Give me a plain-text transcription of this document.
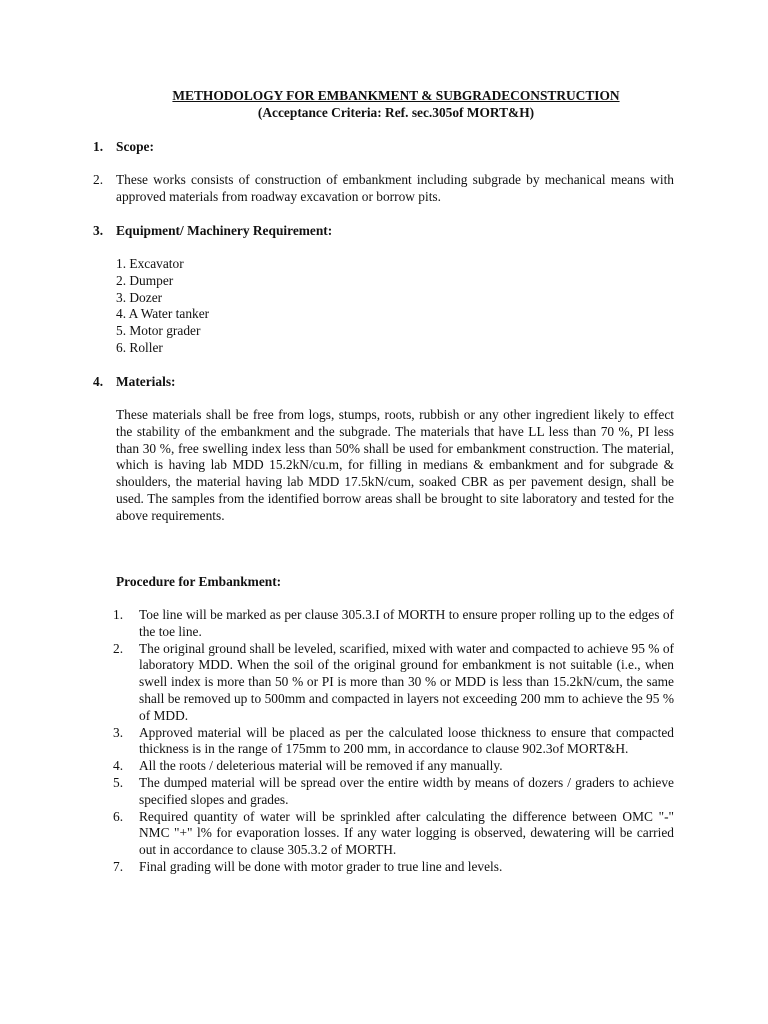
METHODOLOGY FOR EMBANKMENT & SUBGRADECONSTRUCTION
(Acceptance Criteria: Ref. sec.305of MORT&H)
1. Scope:
2. These works consists of construction of embankment including subgrade by mechanical means with approved materials from roadway excavation or borrow pits.
3. Equipment/ Machinery Requirement:
1. Excavator
2. Dumper
3. Dozer
4. A Water tanker
5. Motor grader
6. Roller
4. Materials:
These materials shall be free from logs, stumps, roots, rubbish or any other ingredient likely to effect the stability of the embankment and the subgrade. The materials that have LL less than 70 %, PI less than 30 %, free swelling index less than 50% shall be used for embankment construction. The material, which is having lab MDD 15.2kN/cu.m, for filling in medians & embankment and for subgrade & shoulders, the material having lab MDD 17.5kN/cum, soaked CBR as per pavement design, shall be used. The samples from the identified borrow areas shall be brought to site laboratory and tested for the above requirements.
Procedure for Embankment:
1. Toe line will be marked as per clause 305.3.I of MORTH to ensure proper rolling up to the edges of the toe line.
2. The original ground shall be leveled, scarified, mixed with water and compacted to achieve 95 % of laboratory MDD. When the soil of the original ground for embankment is not suitable (i.e., when swell index is more than 50 % or PI is more than 30 % or MDD is less than 15.2kN/cum, the same shall be removed up to 500mm and compacted in layers not exceeding 200 mm to achieve the 95 % of MDD.
3. Approved material will be placed as per the calculated loose thickness to ensure that compacted thickness is in the range of 175mm to 200 mm, in accordance to clause 902.3of MORT&H.
4. All the roots / deleterious material will be removed if any manually.
5. The dumped material will be spread over the entire width by means of dozers / graders to achieve specified slopes and grades.
6. Required quantity of water will be sprinkled after calculating the difference between OMC "-" NMC "+" l% for evaporation losses. If any water logging is observed, dewatering will be carried out in accordance to clause 305.3.2 of MORTH.
7. Final grading will be done with motor grader to true line and levels.
